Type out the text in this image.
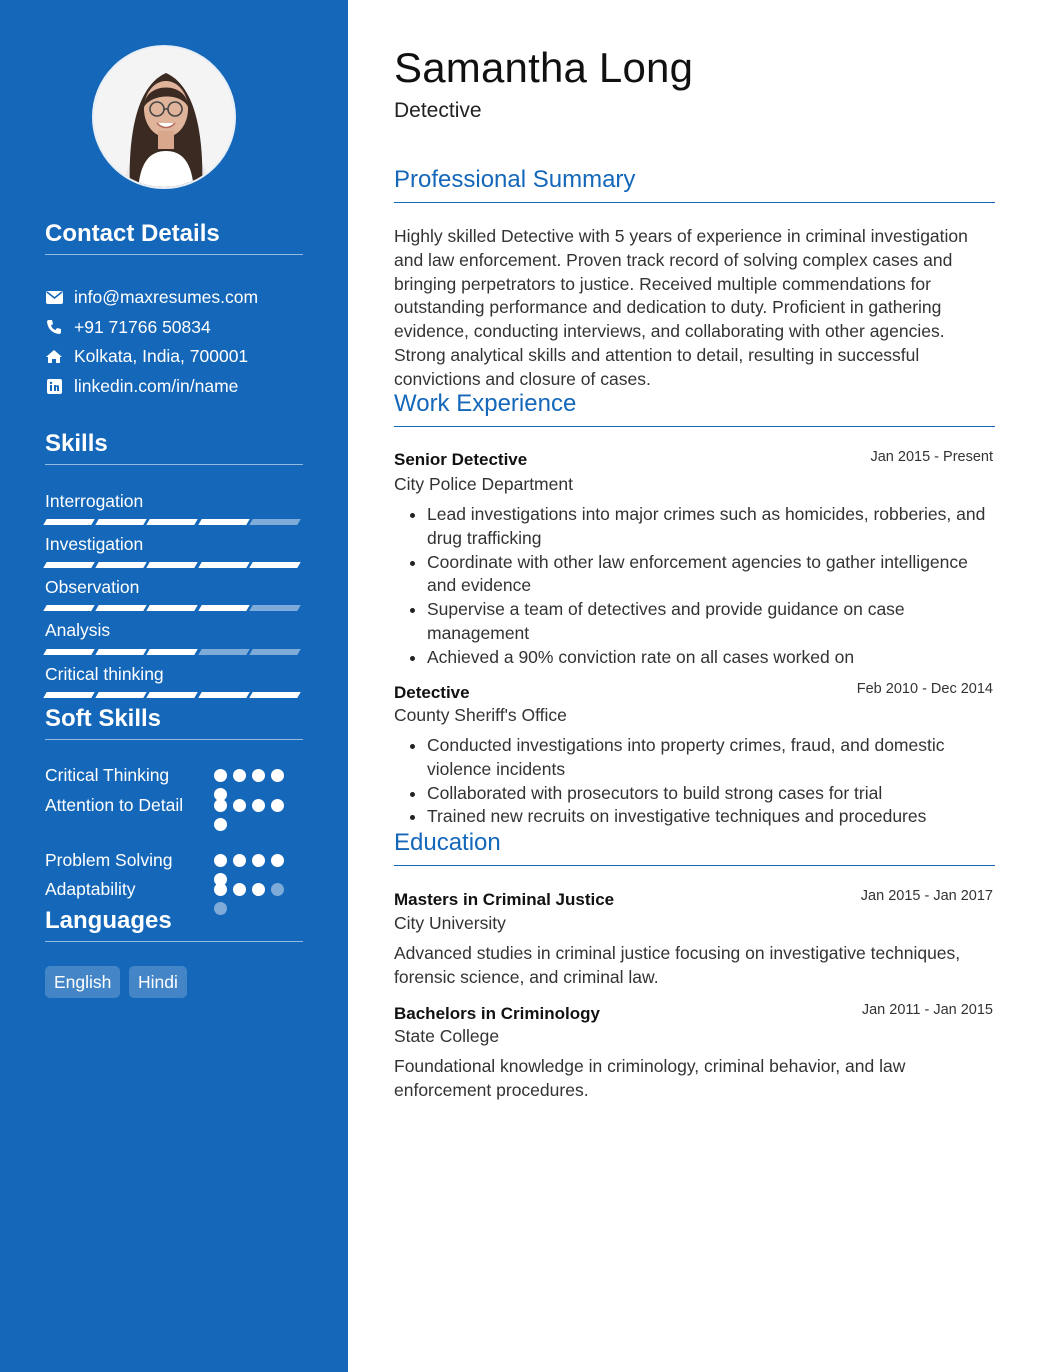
Contact Details
info@maxresumes.com
+91 71766 50834
Kolkata, India, 700001
linkedin.com/in/name
Skills
Interrogation
Investigation
Observation
Analysis
Critical thinking
Soft Skills
Critical Thinking
Attention to Detail
Problem Solving
Adaptability
Languages
English	Hindi
Samantha Long
Detective
Professional Summary
Highly skilled Detective with 5 years of experience in criminal investigation and law enforcement. Proven track record of solving complex cases and bringing perpetrators to justice. Received multiple commendations for outstanding performance and dedication to duty. Proficient in gathering evidence, conducting interviews, and collaborating with other agencies. Strong analytical skills and attention to detail, resulting in successful convictions and closure of cases.
Work Experience
Senior Detective	Jan 2015 - Present
City Police Department
Lead investigations into major crimes such as homicides, robberies, and drug trafficking
Coordinate with other law enforcement agencies to gather intelligence and evidence
Supervise a team of detectives and provide guidance on case management
Achieved a 90% conviction rate on all cases worked on
Detective	Feb 2010 - Dec 2014
County Sheriff's Office
Conducted investigations into property crimes, fraud, and domestic violence incidents
Collaborated with prosecutors to build strong cases for trial
Trained new recruits on investigative techniques and procedures
Education
Masters in Criminal Justice	Jan 2015 - Jan 2017
City University
Advanced studies in criminal justice focusing on investigative techniques, forensic science, and criminal law.
Bachelors in Criminology	Jan 2011 - Jan 2015
State College
Foundational knowledge in criminology, criminal behavior, and law enforcement procedures.
